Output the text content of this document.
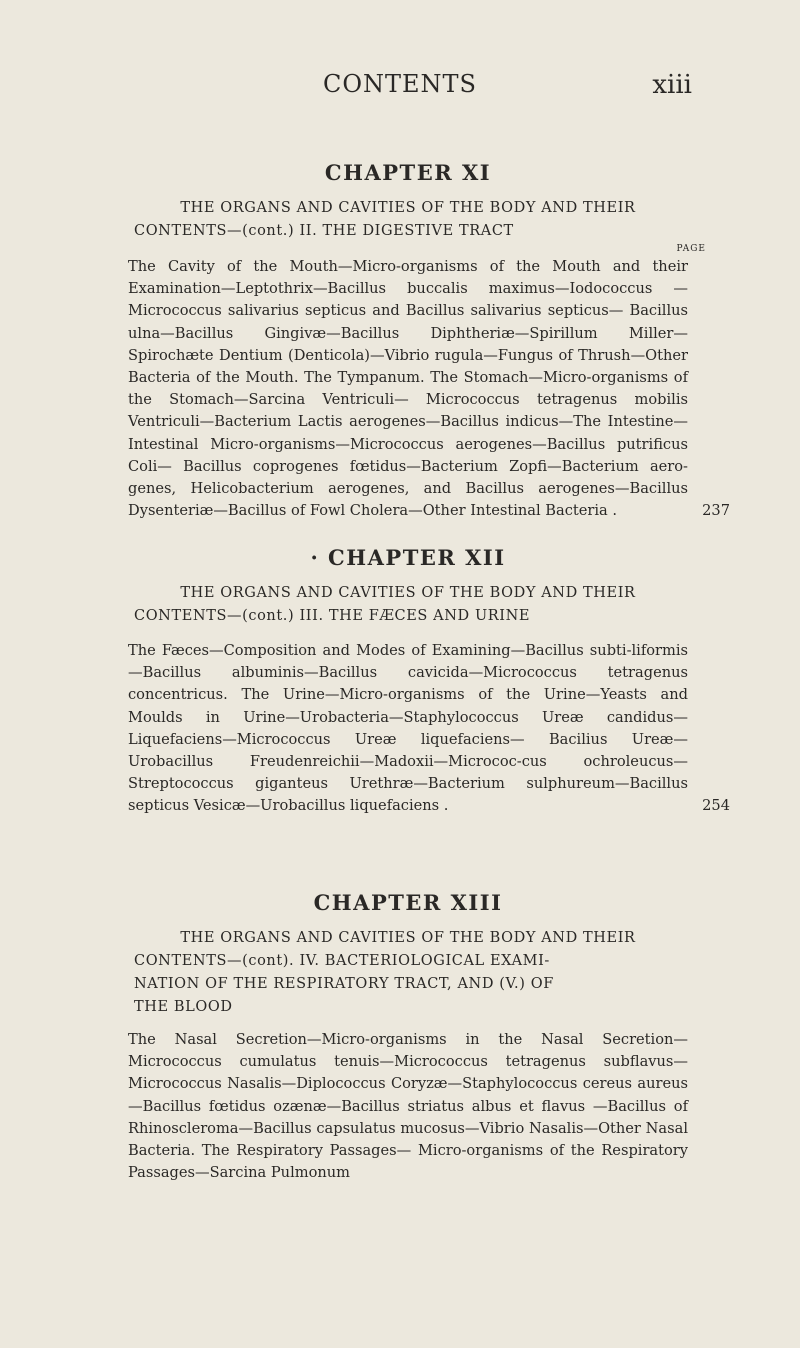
CONTENTS	xiii
CHAPTER XI
THE ORGANS AND CAVITIES OF THE BODY AND THEIR
CONTENTS—(cont.) II. THE DIGESTIVE TRACT
PAGE

The Cavity of the Mouth—Micro-organisms of the Mouth and their Examination—Leptothrix—Bacillus buccalis maximus—Iodococcus —Micrococcus salivarius septicus and Bacillus salivarius septicus— Bacillus ulna—Bacillus Gingivæ—Bacillus Diphtheriæ—Spirillum Miller—Spirochæte Dentium (Denticola)—Vibrio rugula—Fungus of Thrush—Other Bacteria of the Mouth. The Tympanum. The Stomach—Micro-organisms of the Stomach—Sarcina Ventriculi— Micrococcus tetragenus mobilis Ventriculi—Bacterium Lactis aerogenes—Bacillus indicus—The Intestine—Intestinal Micro-organisms—Micrococcus aerogenes—Bacillus putrificus Coli— Bacillus coprogenes fœtidus—Bacterium Zopfi—Bacterium aero-genes, Helicobacterium aerogenes, and Bacillus aerogenes—Bacillus Dysenteriæ—Bacillus of Fowl Cholera—Other Intestinal Bacteria .	237

· CHAPTER XII
THE ORGANS AND CAVITIES OF THE BODY AND THEIR
CONTENTS—(cont.) III. THE FÆCES AND URINE

The Fæces—Composition and Modes of Examining—Bacillus subti-liformis—Bacillus albuminis—Bacillus cavicida—Micrococcus tetragenus concentricus. The Urine—Micro-organisms of the Urine—Yeasts and Moulds in Urine—Urobacteria—Staphylococcus Ureæ candidus—Liquefaciens—Micrococcus Ureæ liquefaciens— Bacilius Ureæ—Urobacillus Freudenreichii—Madoxii—Micrococ-cus ochroleucus—Streptococcus giganteus Urethræ—Bacterium sulphureum—Bacillus septicus Vesicæ—Urobacillus liquefaciens .	254

CHAPTER XIII
THE ORGANS AND CAVITIES OF THE BODY AND THEIR
CONTENTS—(cont). IV. BACTERIOLOGICAL EXAMI-
NATION OF THE RESPIRATORY TRACT, AND (V.) OF
THE BLOOD

The Nasal Secretion—Micro-organisms in the Nasal Secretion— Micrococcus cumulatus tenuis—Micrococcus tetragenus subflavus— Micrococcus Nasalis—Diplococcus Coryzæ—Staphylococcus cereus aureus—Bacillus fœtidus ozænæ—Bacillus striatus albus et flavus —Bacillus of Rhinoscleroma—Bacillus capsulatus mucosus—Vibrio Nasalis—Other Nasal Bacteria. The Respiratory Passages— Micro-organisms of the Respiratory Passages—Sarcina Pulmonum
